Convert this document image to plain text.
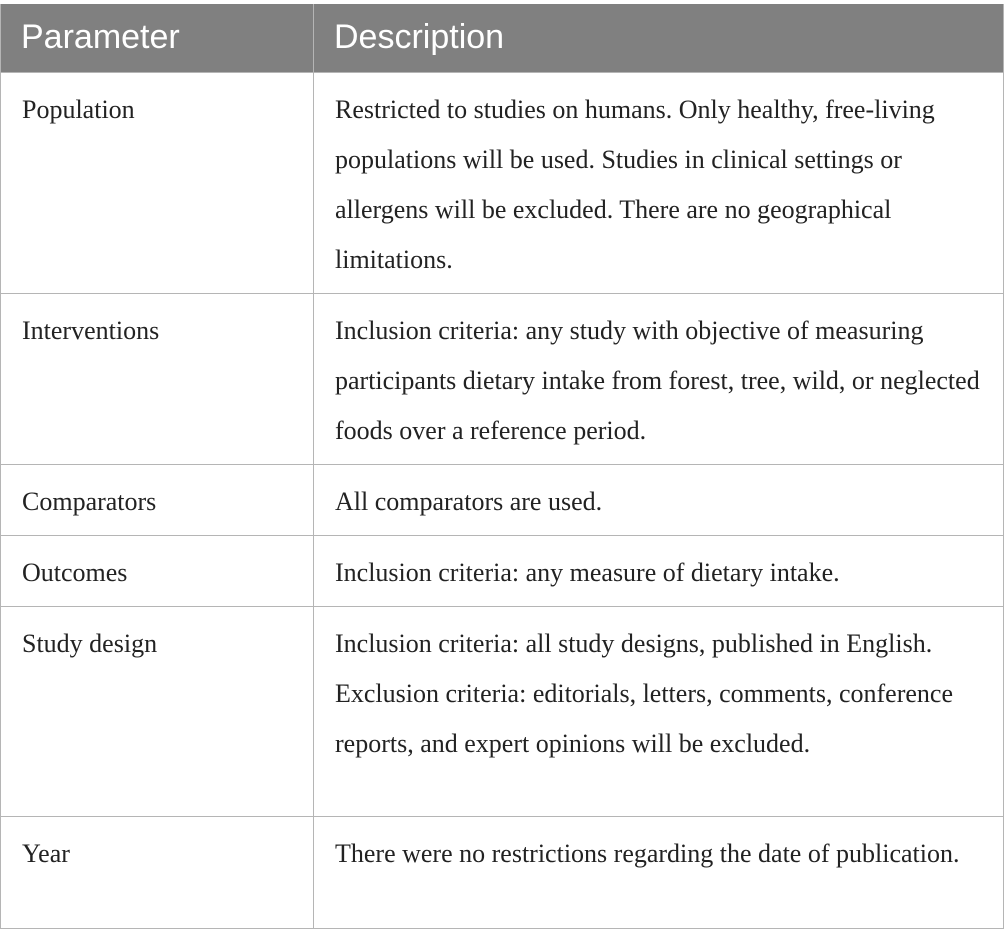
Parameter	Description
Population	Restricted to studies on humans. Only healthy, free-living populations will be used. Studies in clinical settings or allergens will be excluded. There are no geographical limitations.
Interventions	Inclusion criteria: any study with objective of measuring participants dietary intake from forest, tree, wild, or neglected foods over a reference period.
Comparators	All comparators are used.
Outcomes	Inclusion criteria: any measure of dietary intake.
Study design	Inclusion criteria: all study designs, published in English. Exclusion criteria: editorials, letters, comments, conference reports, and expert opinions will be excluded.
Year	There were no restrictions regarding the date of publication.
